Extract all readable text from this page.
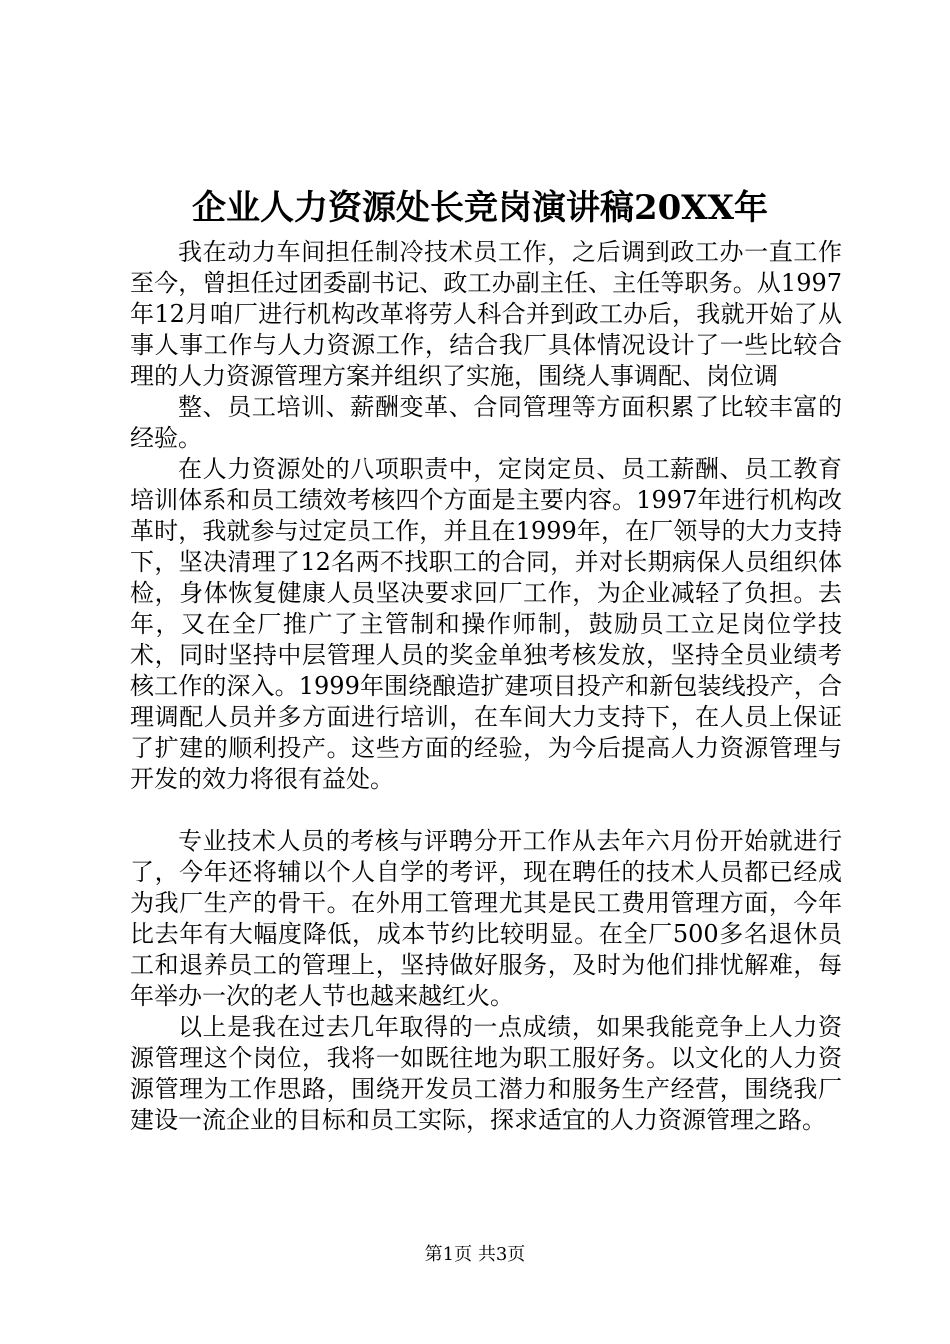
企业人力资源处长竞岗演讲稿20XX年

我在动力车间担任制冷技术员工作，之后调到政工办一直工作至今，曾担任过团委副书记、政工办副主任、主任等职务。从1997年12月咱厂进行机构改革将劳人科合并到政工办后，我就开始了从事人事工作与人力资源工作，结合我厂具体情况设计了一些比较合理的人力资源管理方案并组织了实施，围绕人事调配、岗位调

整、员工培训、薪酬变革、合同管理等方面积累了比较丰富的经验。

在人力资源处的八项职责中，定岗定员、员工薪酬、员工教育培训体系和员工绩效考核四个方面是主要内容。1997年进行机构改革时，我就参与过定员工作，并且在1999年，在厂领导的大力支持下，坚决清理了12名两不找职工的合同，并对长期病保人员组织体检，身体恢复健康人员坚决要求回厂工作，为企业减轻了负担。去年，又在全厂推广了主管制和操作师制，鼓励员工立足岗位学技术，同时坚持中层管理人员的奖金单独考核发放，坚持全员业绩考核工作的深入。1999年围绕酿造扩建项目投产和新包装线投产，合理调配人员并多方面进行培训，在车间大力支持下，在人员上保证了扩建的顺利投产。这些方面的经验，为今后提高人力资源管理与开发的效力将很有益处。

专业技术人员的考核与评聘分开工作从去年六月份开始就进行了，今年还将辅以个人自学的考评，现在聘任的技术人员都已经成为我厂生产的骨干。在外用工管理尤其是民工费用管理方面，今年比去年有大幅度降低，成本节约比较明显。在全厂500多名退休员工和退养员工的管理上，坚持做好服务，及时为他们排忧解难，每年举办一次的老人节也越来越红火。

以上是我在过去几年取得的一点成绩，如果我能竞争上人力资源管理这个岗位，我将一如既往地为职工服好务。以文化的人力资源管理为工作思路，围绕开发员工潜力和服务生产经营，围绕我厂建设一流企业的目标和员工实际，探求适宜的人力资源管理之路。

第1页 共3页
